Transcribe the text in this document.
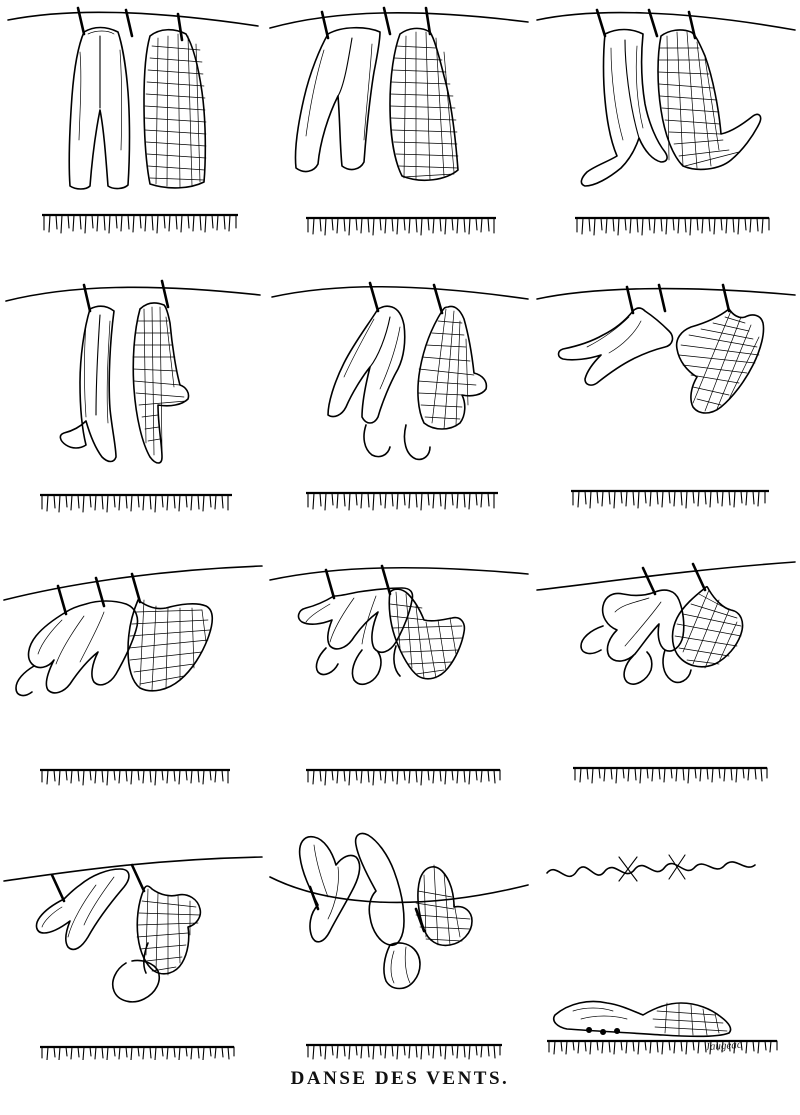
Jaugeac
DANSE DES VENTS.
